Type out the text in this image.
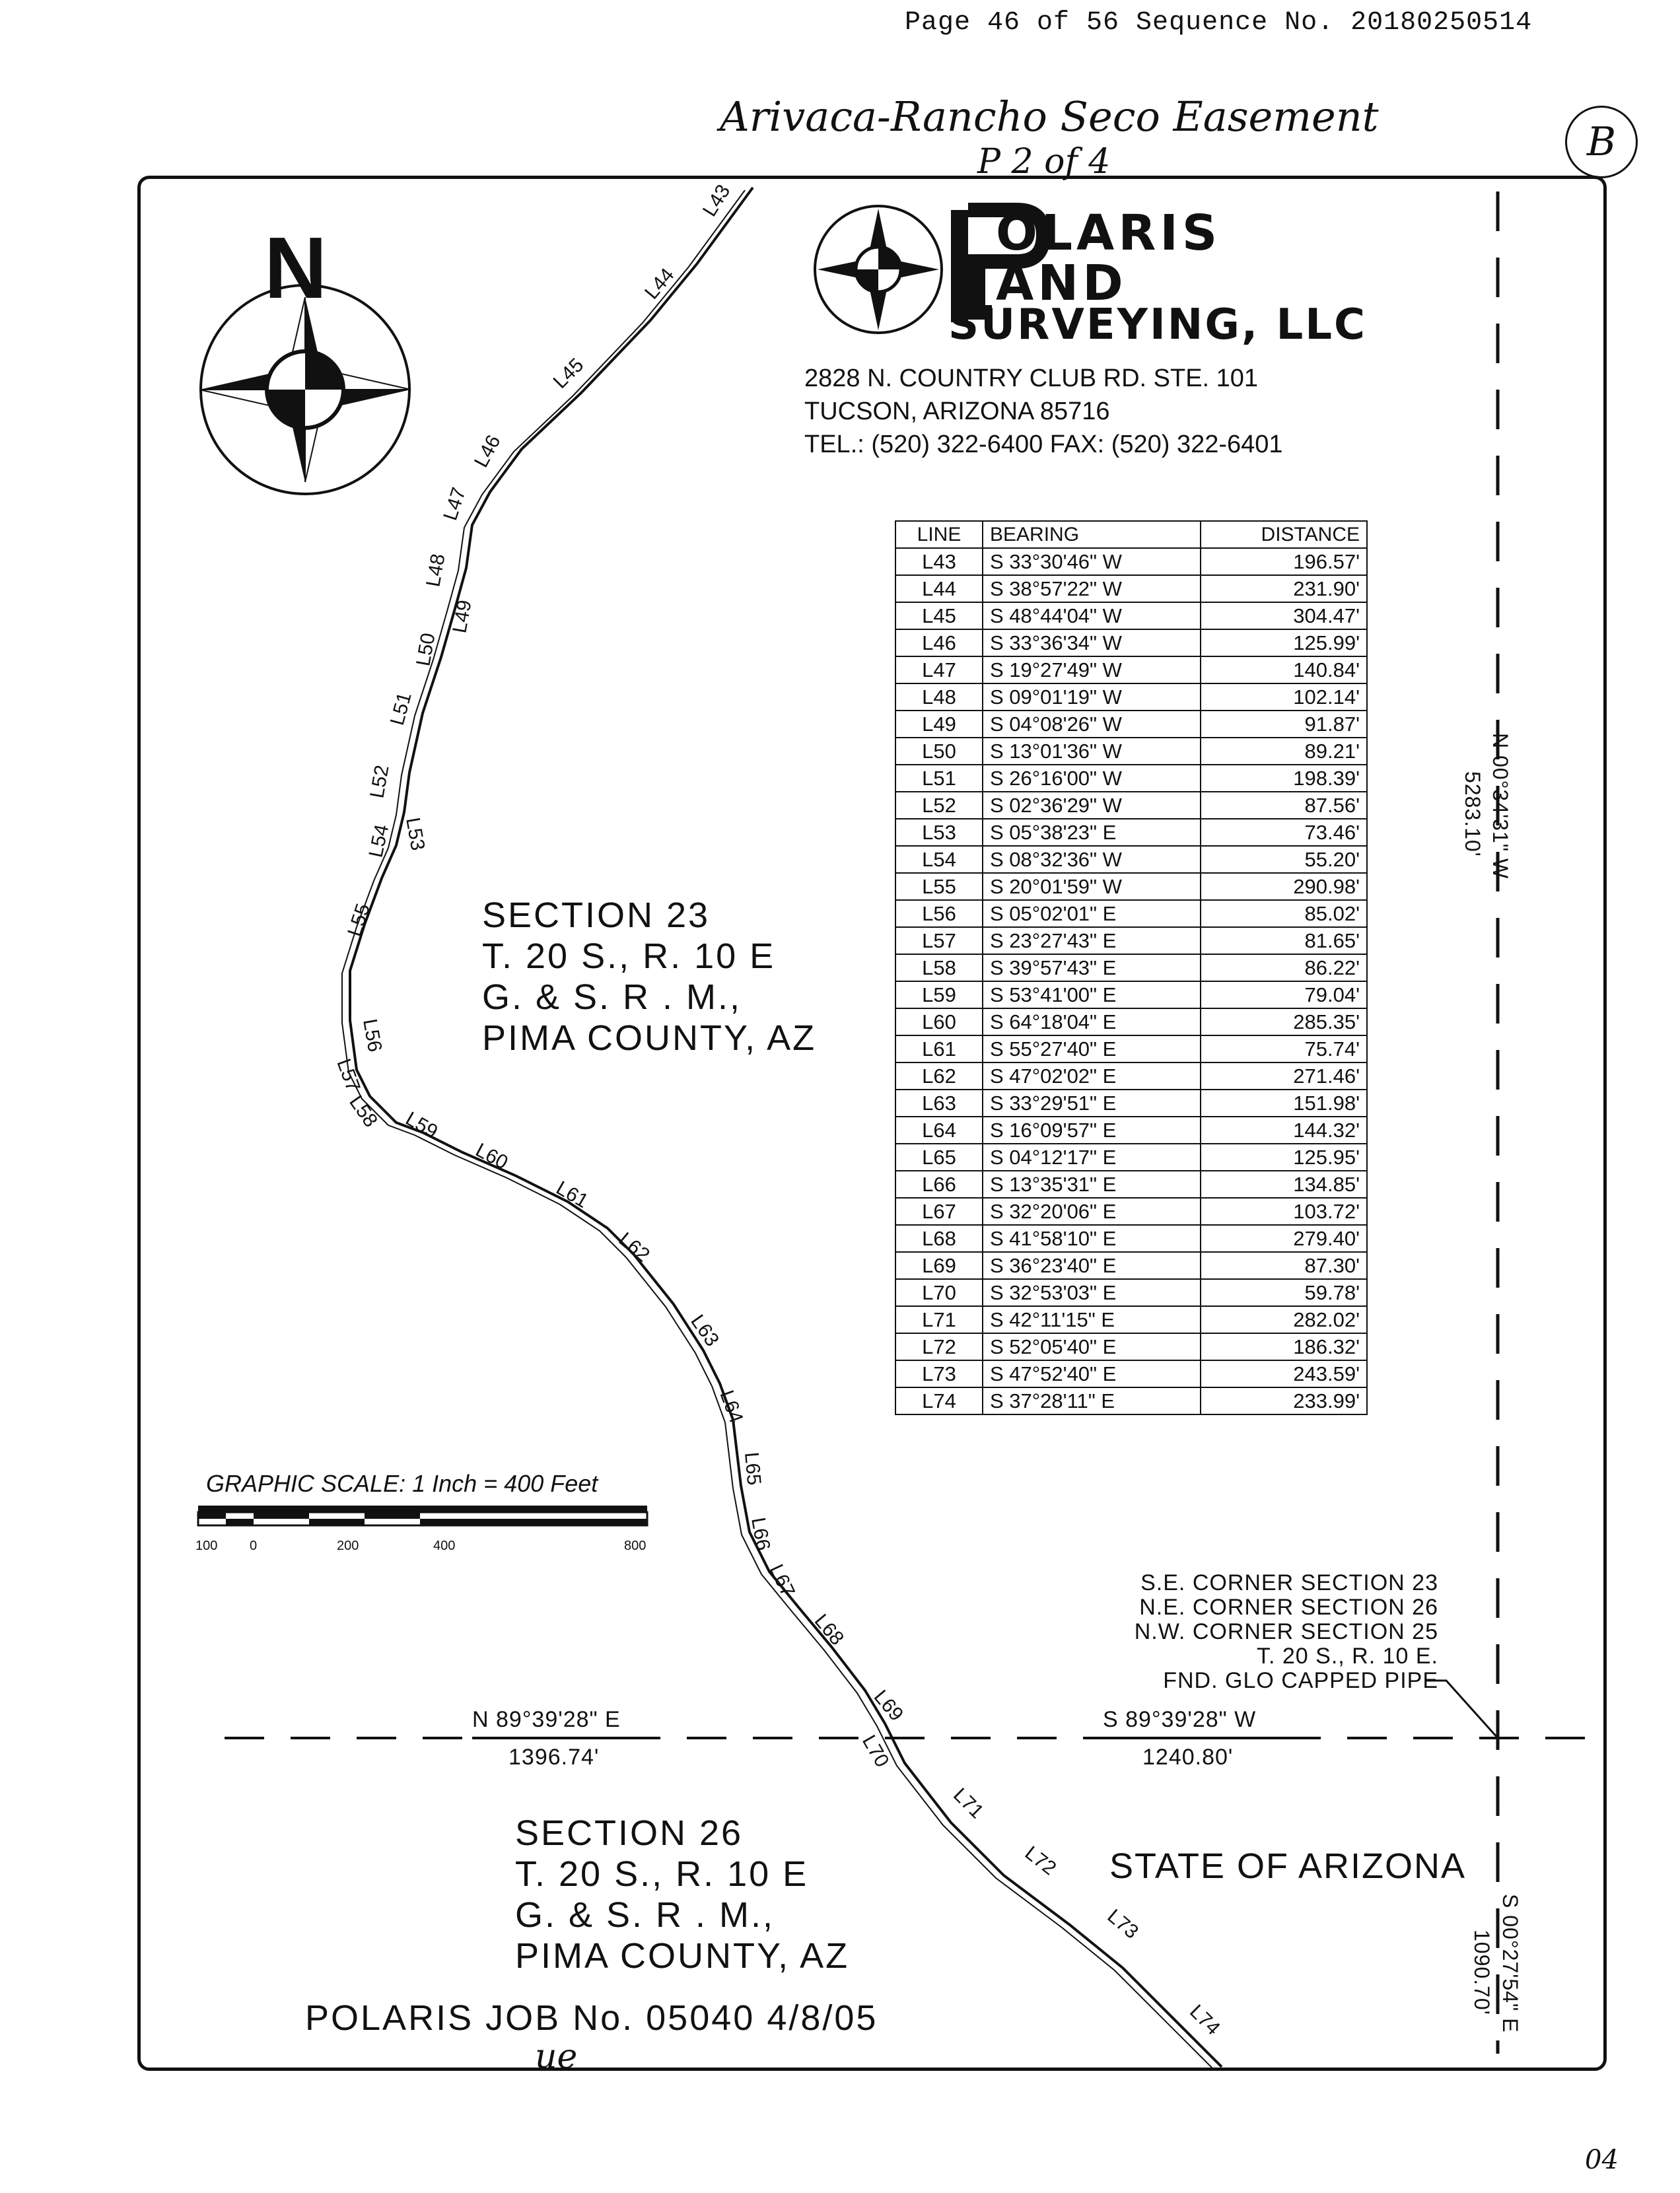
Page 46 of 56 Sequence No. 20180250514
Arivaca-Rancho Seco Easement
P 2 of 4	B
L43
L44
L45
L46
L47
L48
L49
L50
L51
L52
L53
L54
L55
L56
L57
L58 L59
L60
L61
L62
L63
L64
L65
L66
L67
L68
L69
L70
L71
L72
L73
L74
OLARIS
AND
SURVEYING, LLC
2828 N. COUNTRY CLUB RD. STE. 101
TUCSON, ARIZONA 85716
TEL.: (520) 322-6400 FAX: (520) 322-6401
N
LINE	BEARING	DISTANCE
L43	S 33°30'46" W	196.57'
L44	S 38°57'22" W	231.90'
L45	S 48°44'04" W	304.47'
L46	S 33°36'34" W	125.99'
L47	S 19°27'49" W	140.84'
L48	S 09°01'19" W	102.14'
L49	S 04°08'26" W	91.87'
L50	S 13°01'36" W	89.21'
L51	S 26°16'00" W	198.39'
L52	S 02°36'29" W	87.56'
L53	S 05°38'23" E	73.46'
L54	S 08°32'36" W	55.20'
L55	S 20°01'59" W	290.98'
L56	S 05°02'01" E	85.02'
L57	S 23°27'43" E	81.65'
L58	S 39°57'43" E	86.22'
L59	S 53°41'00" E	79.04'
L60	S 64°18'04" E	285.35'
L61	S 55°27'40" E	75.74'
L62	S 47°02'02" E	271.46'
L63	S 33°29'51" E	151.98'
L64	S 16°09'57" E	144.32'
L65	S 04°12'17" E	125.95'
L66	S 13°35'31" E	134.85'
L67	S 32°20'06" E	103.72'
L68	S 41°58'10" E	279.40'
L69	S 36°23'40" E	87.30'
L70	S 32°53'03" E	59.78'
L71	S 42°11'15" E	282.02'
L72	S 52°05'40" E	186.32'
L73	S 47°52'40" E	243.59'
L74	S 37°28'11" E	233.99'
SECTION 23
T. 20 S., R. 10 E
G. & S. R . M.,
PIMA COUNTY, AZ
SECTION 26
T. 20 S., R. 10 E
G. & S. R . M.,
PIMA COUNTY, AZ
STATE OF ARIZONA
GRAPHIC SCALE: 1 Inch = 400 Feet
100 0	200	400	800
S.E. CORNER SECTION 23
N.E. CORNER SECTION 26
N.W. CORNER SECTION 25
T. 20 S., R. 10 E.
FND. GLO CAPPED PIPE
N 89°39'28" E
1396.74'
S 89°39'28" W
1240.80'
N 00°34'31" W
5283.10'
S 00°27'54" E
1090.70'
POLARIS JOB No. 05040 4/8/05
ue
04
